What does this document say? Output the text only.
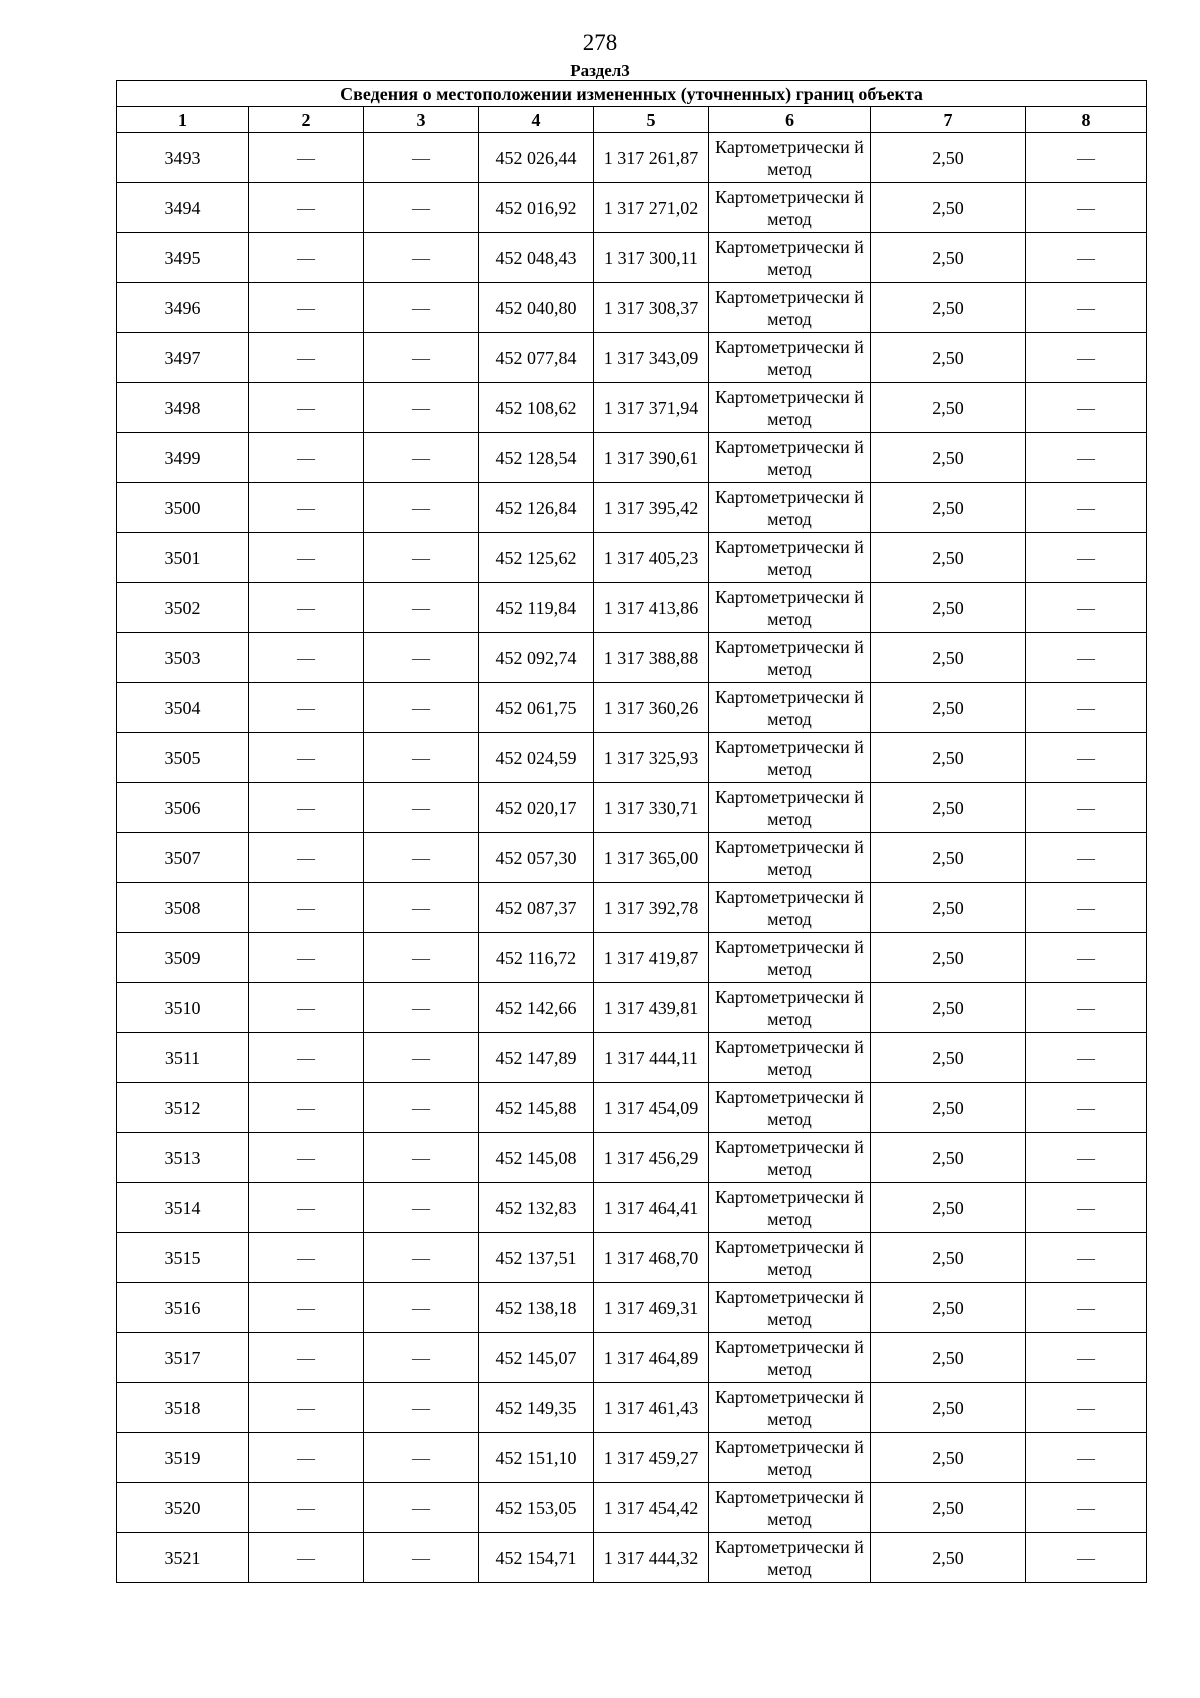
278
Раздел3
Сведения о местоположении измененных (уточненных) границ объекта							
1	2	3	4	5	6	7	8
3493	—	—	452 026,44	1 317 261,87	Картометрически й метод	2,50	—
3494	—	—	452 016,92	1 317 271,02	Картометрически й метод	2,50	—
3495	—	—	452 048,43	1 317 300,11	Картометрически й метод	2,50	—
3496	—	—	452 040,80	1 317 308,37	Картометрически й метод	2,50	—
3497	—	—	452 077,84	1 317 343,09	Картометрически й метод	2,50	—
3498	—	—	452 108,62	1 317 371,94	Картометрически й метод	2,50	—
3499	—	—	452 128,54	1 317 390,61	Картометрически й метод	2,50	—
3500	—	—	452 126,84	1 317 395,42	Картометрически й метод	2,50	—
3501	—	—	452 125,62	1 317 405,23	Картометрически й метод	2,50	—
3502	—	—	452 119,84	1 317 413,86	Картометрически й метод	2,50	—
3503	—	—	452 092,74	1 317 388,88	Картометрически й метод	2,50	—
3504	—	—	452 061,75	1 317 360,26	Картометрически й метод	2,50	—
3505	—	—	452 024,59	1 317 325,93	Картометрически й метод	2,50	—
3506	—	—	452 020,17	1 317 330,71	Картометрически й метод	2,50	—
3507	—	—	452 057,30	1 317 365,00	Картометрически й метод	2,50	—
3508	—	—	452 087,37	1 317 392,78	Картометрически й метод	2,50	—
3509	—	—	452 116,72	1 317 419,87	Картометрически й метод	2,50	—
3510	—	—	452 142,66	1 317 439,81	Картометрически й метод	2,50	—
3511	—	—	452 147,89	1 317 444,11	Картометрически й метод	2,50	—
3512	—	—	452 145,88	1 317 454,09	Картометрически й метод	2,50	—
3513	—	—	452 145,08	1 317 456,29	Картометрически й метод	2,50	—
3514	—	—	452 132,83	1 317 464,41	Картометрически й метод	2,50	—
3515	—	—	452 137,51	1 317 468,70	Картометрически й метод	2,50	—
3516	—	—	452 138,18	1 317 469,31	Картометрически й метод	2,50	—
3517	—	—	452 145,07	1 317 464,89	Картометрически й метод	2,50	—
3518	—	—	452 149,35	1 317 461,43	Картометрически й метод	2,50	—
3519	—	—	452 151,10	1 317 459,27	Картометрически й метод	2,50	—
3520	—	—	452 153,05	1 317 454,42	Картометрически й метод	2,50	—
3521	—	—	452 154,71	1 317 444,32	Картометрически й метод	2,50	—
